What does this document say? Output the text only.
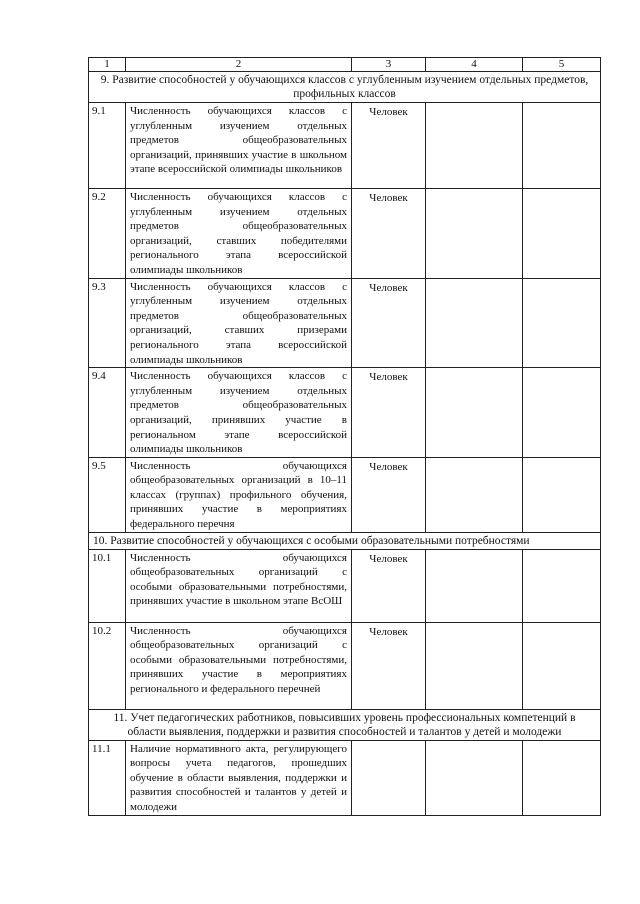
1	2	3	4	5
9. Развитие способностей у обучающихся классов с углубленным изучением отдельных предметов, профильных классов				
9.1	Численность обучающихся классов с углубленным изучением отдельных предметов общеобразовательных организаций, принявших участие в школьном этапе всероссийской олимпиады школьников	Человек		
9.2	Численность обучающихся классов с углубленным изучением отдельных предметов общеобразовательных организаций, ставших победителями регионального этапа всероссийской олимпиады школьников	Человек		
9.3	Численность обучающихся классов с углубленным изучением отдельных предметов общеобразовательных организаций, ставших призерами регионального этапа всероссийской олимпиады школьников	Человек		
9.4	Численность обучающихся классов с углубленным изучением отдельных предметов общеобразовательных организаций, принявших участие в региональном этапе всероссийской олимпиады школьников	Человек		
9.5	Численность обучающихся общеобразовательных организаций в 10–11 классах (группах) профильного обучения, принявших участие в мероприятиях федерального перечня	Человек		
10. Развитие способностей у обучающихся с особыми образовательными потребностями				
10.1	Численность обучающихся общеобразовательных организаций с особыми образовательными потребностями, принявших участие в школьном этапе ВсОШ	Человек		
10.2	Численность обучающихся общеобразовательных организаций с особыми образовательными потребностями, принявших участие в мероприятиях регионального и федерального перечней	Человек		
11. Учет педагогических работников, повысивших уровень профессиональных компетенций в области выявления, поддержки и развития способностей и талантов у детей и молодежи				
11.1	Наличие нормативного акта, регулирующего вопросы учета педагогов, прошедших обучение в области выявления, поддержки и развития способностей и талантов у детей и молодежи			
